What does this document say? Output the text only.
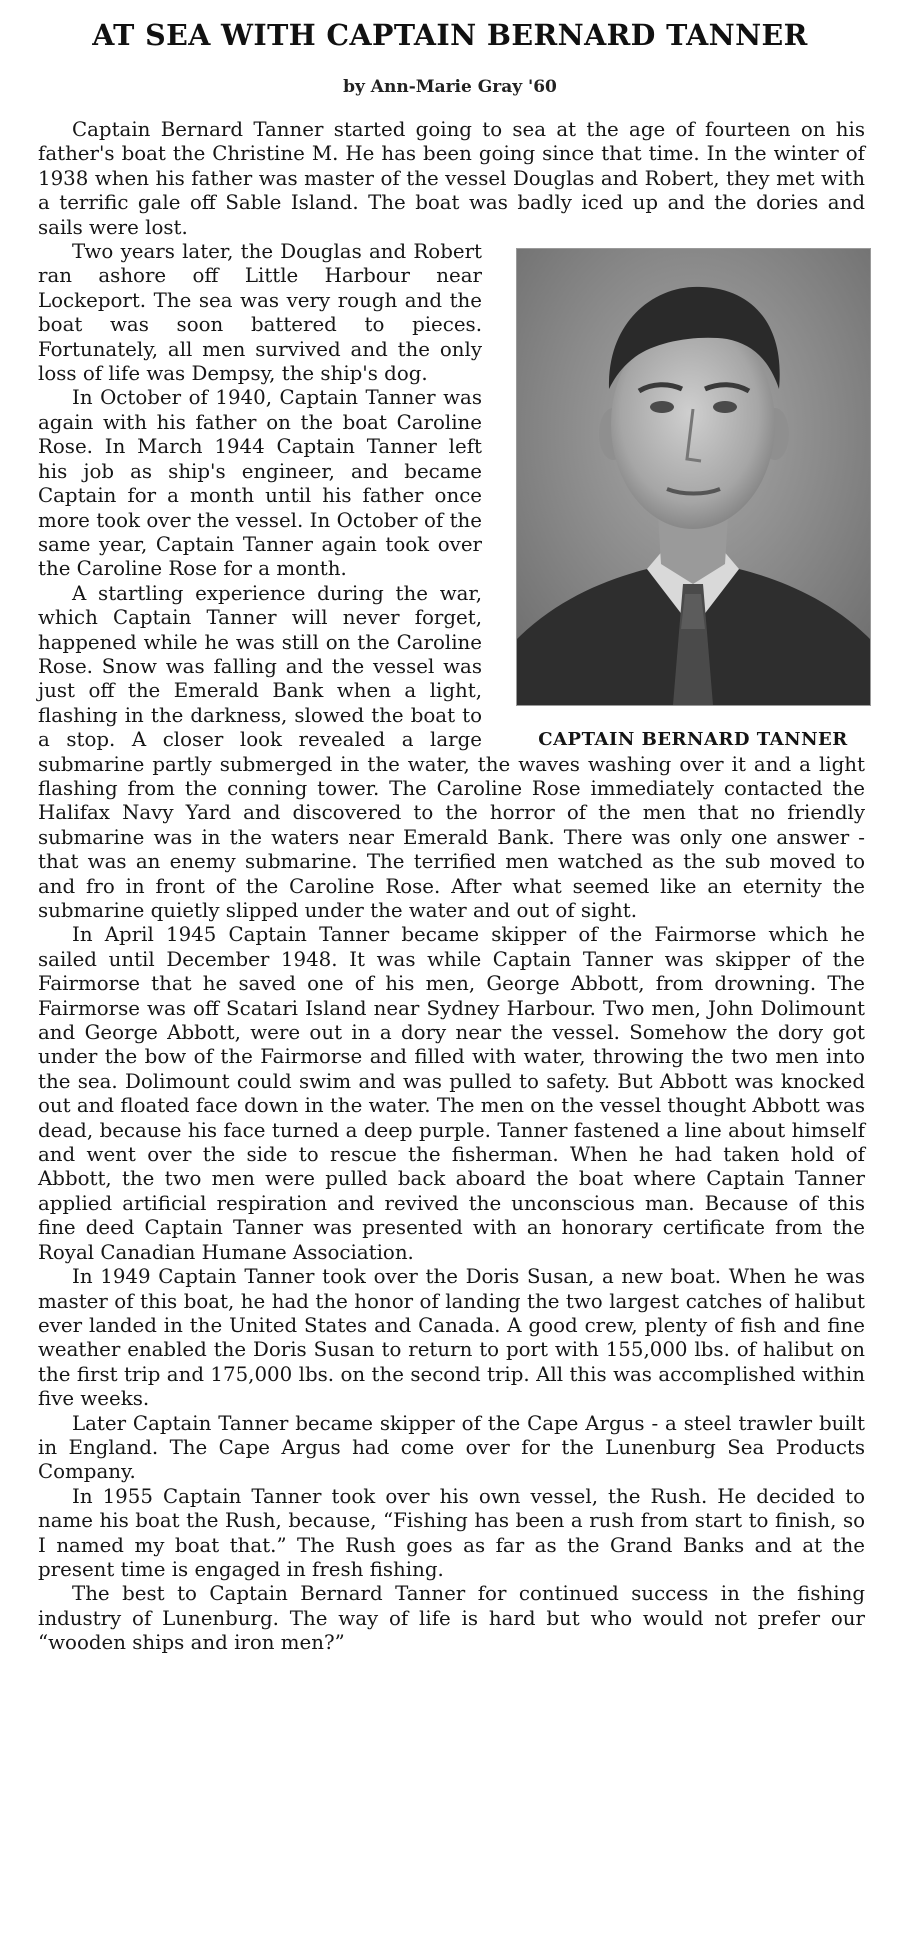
AT SEA WITH CAPTAIN BERNARD TANNER
by Ann-Marie Gray '60

Captain Bernard Tanner started going to sea at the age of fourteen on his father's boat the Christine M. He has been going since that time. In the winter of 1938 when his father was master of the vessel Douglas and Robert, they met with a terrific gale off Sable Island. The boat was badly iced up and the dories and sails were lost.

CAPTAIN BERNARD TANNER

Two years later, the Douglas and Robert ran ashore off Little Harbour near Lockeport. The sea was very rough and the boat was soon battered to pieces. Fortunately, all men survived and the only loss of life was Dempsy, the ship's dog.

In October of 1940, Captain Tanner was again with his father on the boat Caroline Rose. In March 1944 Captain Tanner left his job as ship's engineer, and became Captain for a month until his father once more took over the vessel. In October of the same year, Captain Tanner again took over the Caroline Rose for a month.

A startling experience during the war, which Captain Tanner will never forget, happened while he was still on the Caroline Rose. Snow was falling and the vessel was just off the Emerald Bank when a light, flashing in the darkness, slowed the boat to a stop. A closer look revealed a large submarine partly submerged in the water, the waves washing over it and a light flashing from the conning tower. The Caroline Rose immediately contacted the Halifax Navy Yard and discovered to the horror of the men that no friendly submarine was in the waters near Emerald Bank. There was only one answer - that was an enemy submarine. The terrified men watched as the sub moved to and fro in front of the Caroline Rose. After what seemed like an eternity the submarine quietly slipped under the water and out of sight.

In April 1945 Captain Tanner became skipper of the Fairmorse which he sailed until December 1948. It was while Captain Tanner was skipper of the Fairmorse that he saved one of his men, George Abbott, from drowning. The Fairmorse was off Scatari Island near Sydney Harbour. Two men, John Dolimount and George Abbott, were out in a dory near the vessel. Somehow the dory got under the bow of the Fairmorse and filled with water, throwing the two men into the sea. Dolimount could swim and was pulled to safety. But Abbott was knocked out and floated face down in the water. The men on the vessel thought Abbott was dead, because his face turned a deep purple. Tanner fastened a line about himself and went over the side to rescue the fisherman. When he had taken hold of Abbott, the two men were pulled back aboard the boat where Captain Tanner applied artificial respiration and revived the unconscious man. Because of this fine deed Captain Tanner was presented with an honorary certificate from the Royal Canadian Humane Association.

In 1949 Captain Tanner took over the Doris Susan, a new boat. When he was master of this boat, he had the honor of landing the two largest catches of halibut ever landed in the United States and Canada. A good crew, plenty of fish and fine weather enabled the Doris Susan to return to port with 155,000 lbs. of halibut on the first trip and 175,000 lbs. on the second trip. All this was accomplished within five weeks.

Later Captain Tanner became skipper of the Cape Argus - a steel trawler built in England. The Cape Argus had come over for the Lunenburg Sea Products Company.

In 1955 Captain Tanner took over his own vessel, the Rush. He decided to name his boat the Rush, because, “Fishing has been a rush from start to finish, so I named my boat that.” The Rush goes as far as the Grand Banks and at the present time is engaged in fresh fishing.

The best to Captain Bernard Tanner for continued success in the fishing industry of Lunenburg. The way of life is hard but who would not prefer our “wooden ships and iron men?”
